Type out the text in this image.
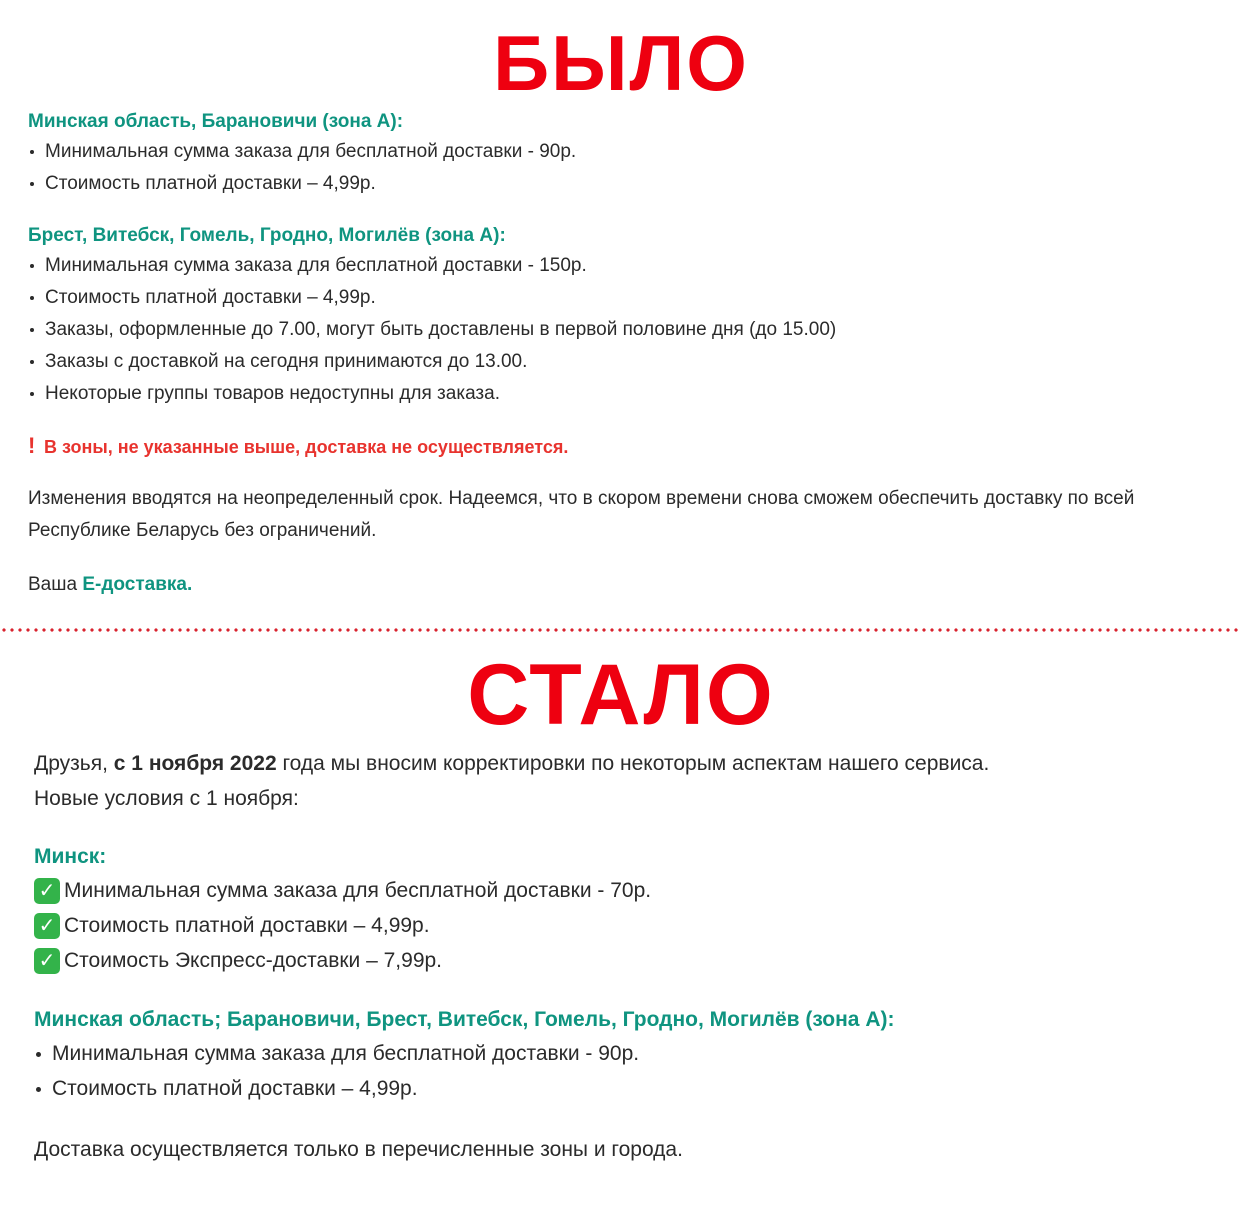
БЫЛО
Минская область, Барановичи (зона А):
Минимальная сумма заказа для бесплатной доставки - 90р.
Стоимость платной доставки – 4,99р.
Брест, Витебск, Гомель, Гродно, Могилёв (зона А):
Минимальная сумма заказа для бесплатной доставки - 150р.
Стоимость платной доставки – 4,99р.
Заказы, оформленные до 7.00, могут быть доставлены в первой половине дня (до 15.00)
Заказы с доставкой на сегодня принимаются до 13.00.
Некоторые группы товаров недоступны для заказа.
! В зоны, не указанные выше, доставка не осуществляется.
Изменения вводятся на неопределенный срок. Надеемся, что в скором времени снова сможем обеспечить доставку по всей Республике Беларусь без ограничений.
Ваша Е-доставка.
СТАЛО
Друзья, с 1 ноября 2022 года мы вносим корректировки по некоторым аспектам нашего сервиса.
Новые условия с 1 ноября:
Минск:
✓ Минимальная сумма заказа для бесплатной доставки - 70р.
✓ Стоимость платной доставки – 4,99р.
✓ Стоимость Экспресс-доставки – 7,99р.
Минская область; Барановичи, Брест, Витебск, Гомель, Гродно, Могилёв (зона А):
Минимальная сумма заказа для бесплатной доставки - 90р.
Стоимость платной доставки – 4,99р.
Доставка осуществляется только в перечисленные зоны и города.
